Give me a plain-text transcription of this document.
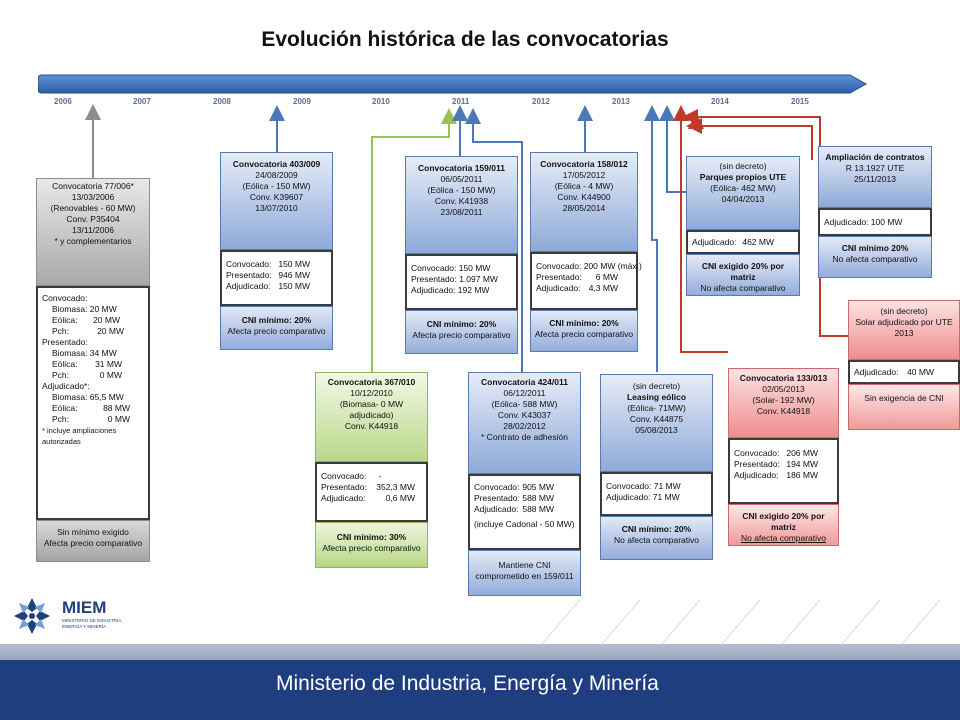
Evolución histórica de las convocatorias
2006	2007	2008	2009	2010	2011	2012	2013	2014	2015
Convocatoria 77/006*
13/03/2006
(Renovables - 60 MW)
Conv. P35404
13/11/2006
* y complementarios
Convocado:
Biomasa: 20 MW
Eólica:	20 MW
Pch:	20 MW
Presentado:
Biomasa: 34 MW
Eólica:	31 MW
Pch:	0 MW
Adjudicado*:
Biomasa: 65,5 MW
Eólica:	88 MW
Pch:	0 MW
* incluye ampliaciones
autorizadas
Sin mínimo exigido
Afecta precio comparativo
Convocatoria 403/009
24/08/2009
(Eólica - 150 MW)
Conv. K39607
13/07/2010
Convocado: 150 MW
Presentado: 946 MW
Adjudicado: 150 MW
CNI mínimo: 20%
Afecta precio comparativo
Convocatoria 367/010
10/12/2010
(Biomasa- 0 MW
adjudicado)
Conv. K44918
Convocado:	-
Presentado:	352,3 MW
Adjudicado:	0,6 MW
CNI mínimo: 30%
Afecta precio comparativo
Convocatoria 159/011
06/05/2011
(Eólica - 150 MW)
Conv. K41938
23/08/2011
Convocado: 150 MW
Presentado: 1.097 MW
Adjudicado: 192 MW
CNI mínimo: 20%
Afecta precio comparativo
Convocatoria 158/012
17/05/2012
(Eólica - 4 MW)
Conv. K44900
28/05/2014
Convocado: 200 MW (máx.)
Presentado:	6 MW
Adjudicado: 4,3 MW
CNI mínimo: 20%
Afecta precio comparativo
Convocatoria 424/011
06/12/2011
(Eólica- 588 MW)
Conv. K43037
28/02/2012
* Contrato de adhesión
Convocado: 905 MW
Presentado: 588 MW
Adjudicado: 588 MW
(incluye Cadonal - 50 MW)
Mantiene CNI
comprometido en 159/011
(sin decreto)
Leasing eólico
(Eólica- 71MW)
Conv. K44875
05/08/2013
Convocado: 71 MW
Adjudicado: 71 MW
CNI mínimo: 20%
No afecta comparativo
Convocatoria 133/013
02/05/2013
(Solar- 192 MW)
Conv. K44918
Convocado: 206 MW
Presentado: 194 MW
Adjudicado: 186 MW
CNI exigido 20% por matriz
No afecta comparativo
(sin decreto)
Parques propios UTE
(Eólica- 462 MW)
04/04/2013
Adjudicado: 462 MW
CNI exigido 20% por matriz
No afecta comparativo
Ampliación de contratos
R 13.1927 UTE
25/11/2013
Adjudicado: 100 MW
CNI mínimo 20%
No afecta comparativo
(sin decreto)
Solar adjudicado por UTE
2013
Adjudicado:	40 MW
Sin exigencia de CNI
MIEM
MINISTERIO DE INDUSTRIA,
ENERGÍA Y MINERÍA
Ministerio de Industria, Energía y Minería
